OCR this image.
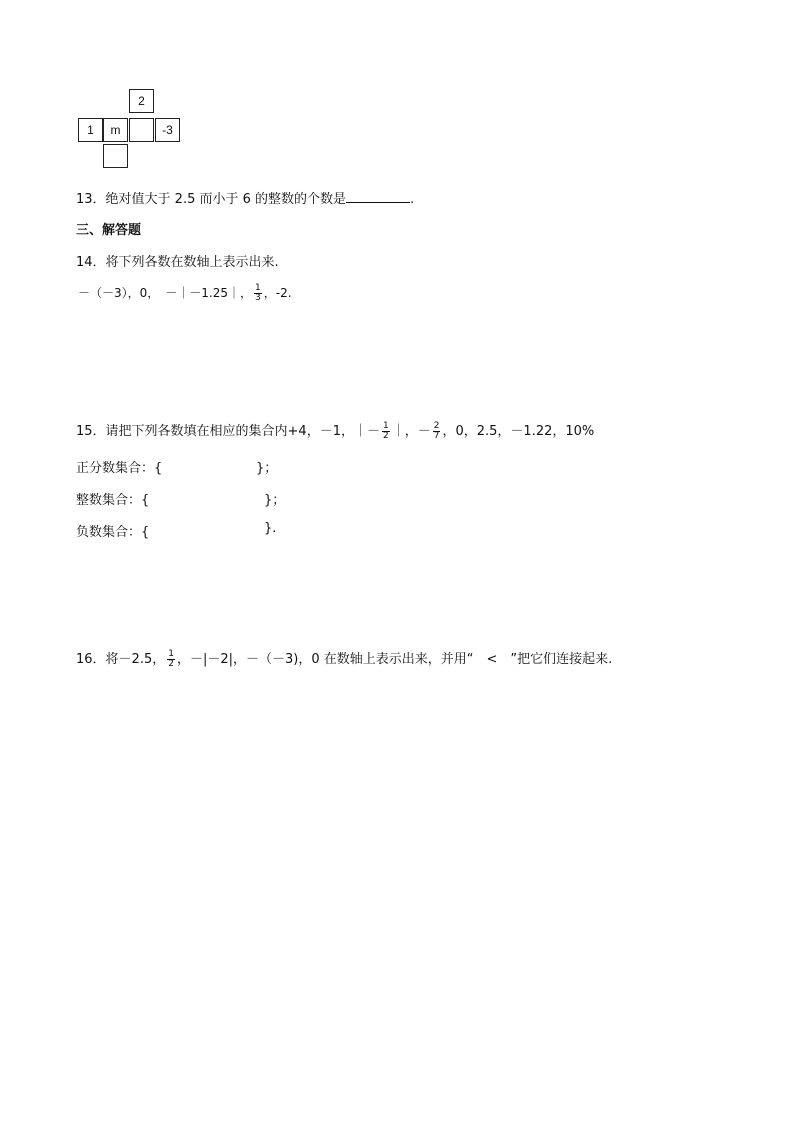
2
1	m	-3
13．绝对值大于 2.5 而小于 6 的整数的个数是	.
三、解答题
14．将下列各数在数轴上表示出来.
－（－3），0，　－｜－1.25｜， $\frac{1}{3}$ ，-2.
15．请把下列各数填在相应的集合内+4，－1，｜－ $\frac{1}{2}$ ｜，－ $\frac{2}{7}$ ，0，2.5，－1.22，10%
正分数集合：{	}；
整数集合：{	}；
负数集合：{	}.
16．将－2.5， $\frac{1}{2}$ ，－|－2|，－（－3)，0 在数轴上表示出来，并用“　<　”把它们连接起来.
